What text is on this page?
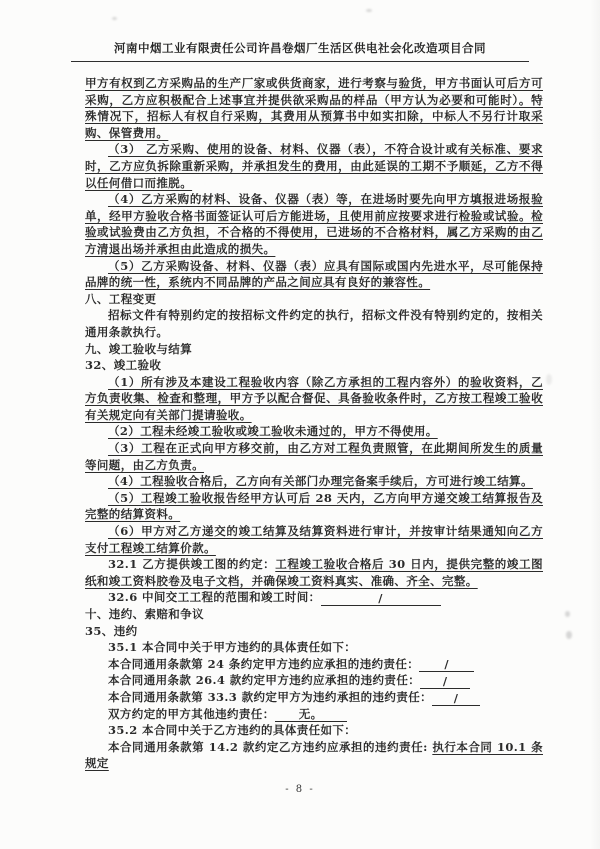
河南中烟工业有限责任公司许昌卷烟厂生活区供电社会化改造项目合同

甲方有权到乙方采购品的生产厂家或供货商家，进行考察与验货，甲方书面认可后方可采购，乙方应积极配合上述事宜并提供欲采购品的样品（甲方认为必要和可能时）。特殊情况下，招标人有权自行采购，其费用从预算书中如实扣除，中标人不另行计取采购、保管费用。

（3） 乙方采购、使用的设备、材料、仪器（表），不符合设计或有关标准、要求时，乙方应负拆除重新采购，并承担发生的费用，由此延误的工期不予顺延，乙方不得以任何借口而推脱。

（4）乙方采购的材料、设备、仪器（表）等，在进场时要先向甲方填报进场报验单，经甲方验收合格书面签证认可后方能进场，且使用前应按要求进行检验或试验。检验或试验费由乙方负担，不合格的不得使用，已进场的不合格材料，属乙方采购的由乙方清退出场并承担由此造成的损失。

（5）乙方采购设备、材料、仪器（表）应具有国际或国内先进水平，尽可能保持品牌的统一性，系统内不同品牌的产品之间应具有良好的兼容性。

八、工程变更

招标文件有特别约定的按招标文件约定的执行，招标文件没有特别约定的，按相关通用条款执行。

九、竣工验收与结算

32、竣工验收

（1）所有涉及本建设工程验收内容（除乙方承担的工程内容外）的验收资料，乙方负责收集、检查和整理，甲方予以配合督促、具备验收条件时，乙方按工程竣工验收有关规定向有关部门提请验收。

（2）工程未经竣工验收或竣工验收未通过的，甲方不得使用。

（3）工程在正式向甲方移交前，由乙方对工程负责照管，在此期间所发生的质量等问题，由乙方负责。

（4）工程验收合格后，乙方向有关部门办理完备案手续后，方可进行竣工结算。

（5）工程竣工验收报告经甲方认可后 28 天内，乙方向甲方递交竣工结算报告及完整的结算资料。

（6）甲方对乙方递交的竣工结算及结算资料进行审计，并按审计结果通知向乙方支付工程竣工结算价款。

32.1 乙方提供竣工图的约定：工程竣工验收合格后 30 日内，提供完整的竣工图纸和竣工资料胶卷及电子文档，并确保竣工资料真实、准确、齐全、完整。

32.6 中间交工工程的范围和竣工时间：	/

十、违约、索赔和争议

35、违约

35.1 本合同中关于甲方违约的具体责任如下：

本合同通用条款第 24 条约定甲方违约应承担的违约责任： /

本合同通用条款 26.4 款约定甲方违约应承担的违约责任： /

本合同通用条款第 33.3 款约定甲方为违约承担的违约责任： /

双方约定的甲方其他违约责任： 无。

35.2 本合同中关于乙方违约的具体责任如下：

本合同通用条款第 14.2 款约定乙方违约应承担的违约责任: 执行本合同 10.1 条规定

- 8 -
